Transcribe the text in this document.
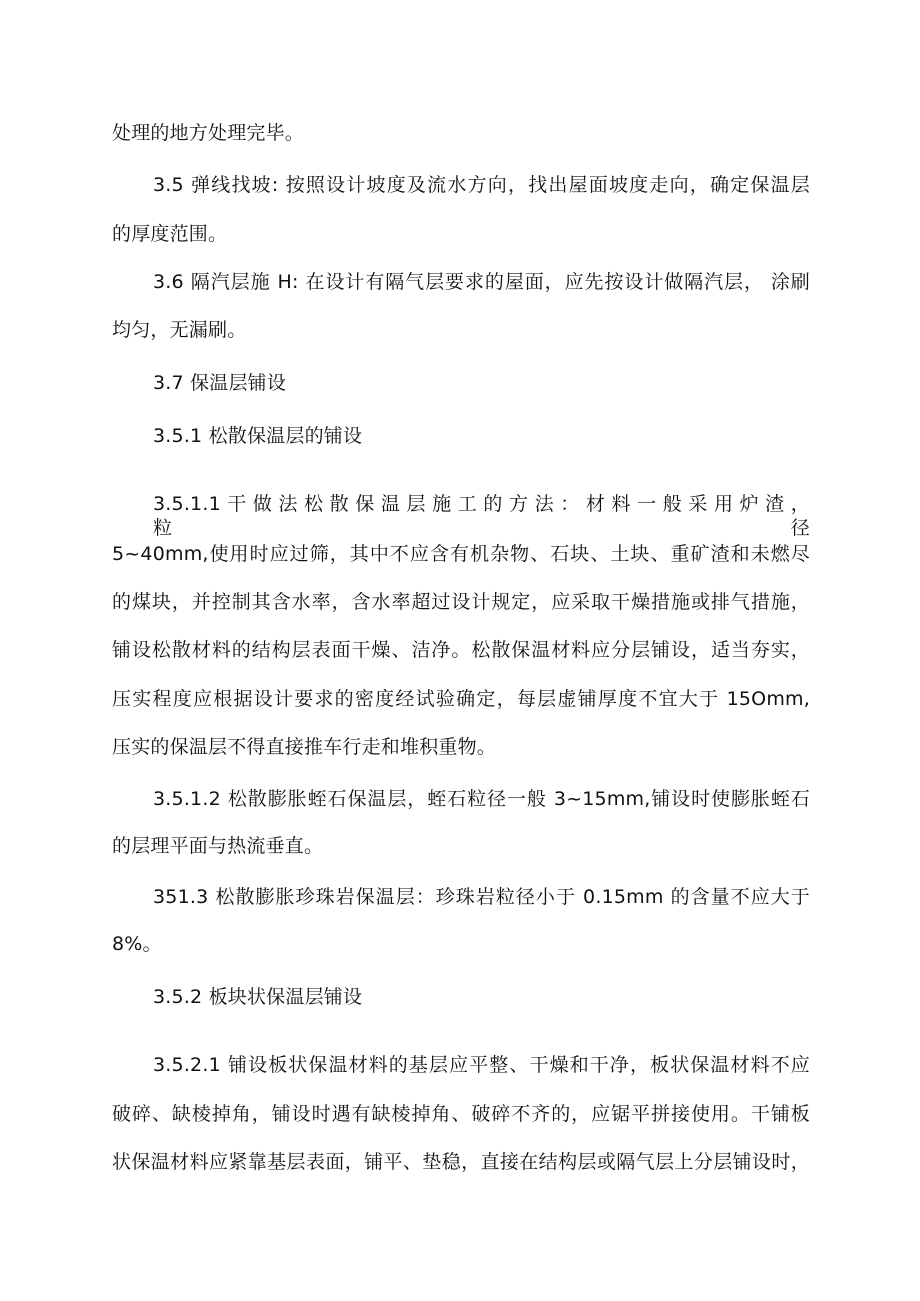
处理的地方处理完毕。
3.5 弹线找坡: 按照设计坡度及流水方向，找出屋面坡度走向，确定保温层
的厚度范围。
3.6 隔汽层施 H: 在设计有隔气层要求的屋面，应先按设计做隔汽层， 涂刷
均匀，无漏刷。
3.7 保温层铺设
3.5.1 松散保温层的铺设
3.5.1.1 干 做 法 松 散 保 温 层 施 工 的 方 法 ： 材 料 一 般 采 用 炉 渣 ， 粒 径
5~40mm,使用时应过筛，其中不应含有机杂物、石块、土块、重矿渣和未燃尽
的煤块，并控制其含水率，含水率超过设计规定，应采取干燥措施或排气措施，
铺设松散材料的结构层表面干燥、洁净。松散保温材料应分层铺设，适当夯实，
压实程度应根据设计要求的密度经试验确定，每层虚铺厚度不宜大于 15Omm,
压实的保温层不得直接推车行走和堆积重物。
3.5.1.2 松散膨胀蛭石保温层，蛭石粒径一般 3~15mm,铺设时使膨胀蛭石
的层理平面与热流垂直。
351.3 松散膨胀珍珠岩保温层：珍珠岩粒径小于 0.15mm 的含量不应大于
8%。
3.5.2 板块状保温层铺设
3.5.2.1 铺设板状保温材料的基层应平整、干燥和干净，板状保温材料不应
破碎、缺棱掉角，铺设时遇有缺棱掉角、破碎不齐的，应锯平拼接使用。干铺板
状保温材料应紧靠基层表面，铺平、垫稳，直接在结构层或隔气层上分层铺设时，
